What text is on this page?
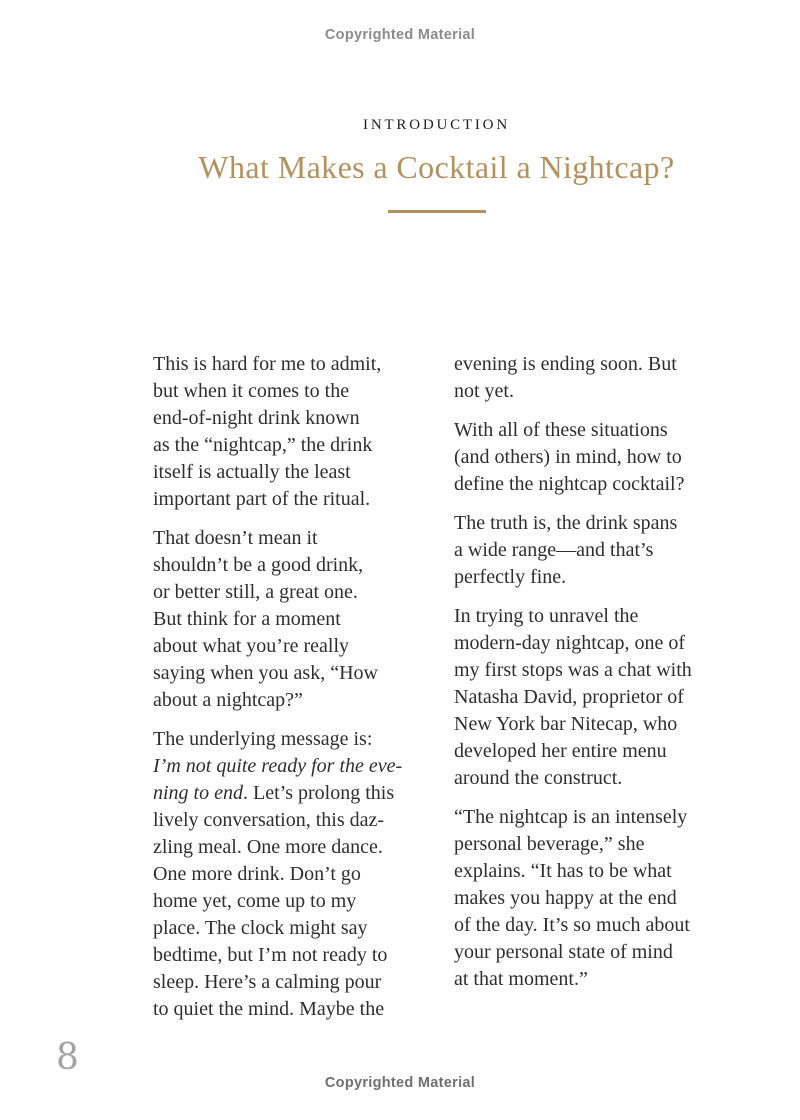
Copyrighted Material
INTRODUCTION
What Makes a Cocktail a Nightcap?
This is hard for me to admit,
but when it comes to the
end-of-night drink known
as the “nightcap,” the drink
itself is actually the least
important part of the ritual.
That doesn’t mean it
shouldn’t be a good drink,
or better still, a great one.
But think for a moment
about what you’re really
saying when you ask, “How
about a nightcap?”
The underlying message is:
I’m not quite ready for the eve-
ning to end. Let’s prolong this
lively conversation, this daz-
zling meal. One more dance.
One more drink. Don’t go
home yet, come up to my
place. The clock might say
bedtime, but I’m not ready to
sleep. Here’s a calming pour
to quiet the mind. Maybe the
evening is ending soon. But
not yet.
With all of these situations
(and others) in mind, how to
define the nightcap cocktail?
The truth is, the drink spans
a wide range—and that’s
perfectly fine.
In trying to unravel the
modern-day nightcap, one of
my first stops was a chat with
Natasha David, proprietor of
New York bar Nitecap, who
developed her entire menu
around the construct.
“The nightcap is an intensely
personal beverage,” she
explains. “It has to be what
makes you happy at the end
of the day. It’s so much about
your personal state of mind
at that moment.”
8
Copyrighted Material
